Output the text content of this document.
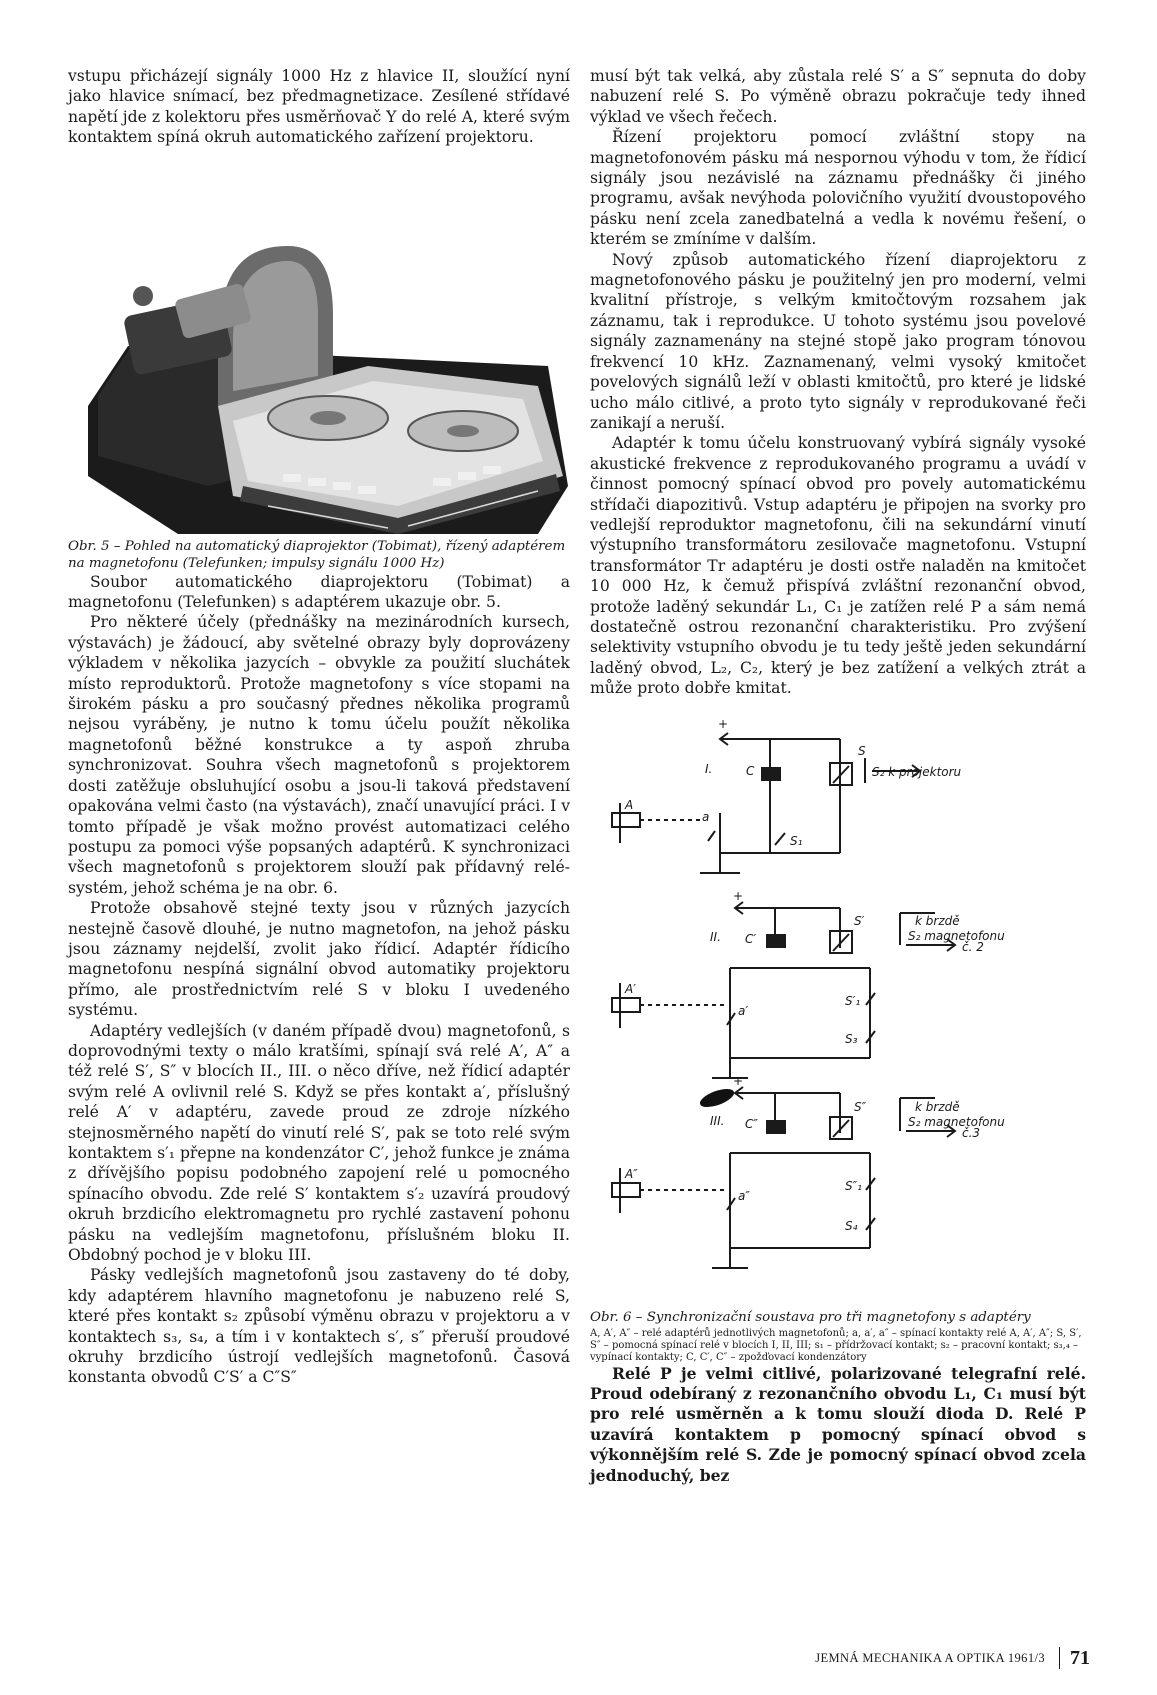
vstupu přicházejí signály 1000 Hz z hlavice II, sloužící nyní jako hlavice snímací, bez předmagnetizace. Zesílené střídavé napětí jde z kolektoru přes usměrňovač Y do relé A, které svým kontaktem spíná okruh automatického zařízení projektoru.

Obr. 5 – Pohled na automatický diaprojektor (Tobimat), řízený adaptérem na magnetofonu (Telefunken; impulsy signálu 1000 Hz)

Soubor automatického diaprojektoru (Tobimat) a magnetofonu (Telefunken) s adaptérem ukazuje obr. 5.

Pro některé účely (přednášky na mezinárodních kursech, výstavách) je žádoucí, aby světelné obrazy byly doprovázeny výkladem v několika jazycích – obvykle za použití sluchátek místo reproduktorů. Protože magnetofony s více stopami na širokém pásku a pro současný přednes několika programů nejsou vyráběny, je nutno k tomu účelu použít několika magnetofonů běžné konstrukce a ty aspoň zhruba synchronizovat. Souhra všech magnetofonů s projektorem dosti zatěžuje obsluhující osobu a jsou-li taková představení opakována velmi často (na výstavách), značí unavující práci. I v tomto případě je však možno provést automatizaci celého postupu za pomoci výše popsaných adaptérů. K synchronizaci všech magnetofonů s projektorem slouží pak přídavný relé-systém, jehož schéma je na obr. 6.

Protože obsahově stejné texty jsou v různých jazycích nestejně časově dlouhé, je nutno magnetofon, na jehož pásku jsou záznamy nejdelší, zvolit jako řídicí. Adaptér řídicího magnetofonu nespíná signální obvod automatiky projektoru přímo, ale prostřednictvím relé S v bloku I uvedeného systému.

Adaptéry vedlejších (v daném případě dvou) magnetofonů, s doprovodnými texty o málo kratšími, spínají svá relé A′, A″ a též relé S′, S″ v blocích II., III. o něco dříve, než řídicí adaptér svým relé A ovlivnil relé S. Když se přes kontakt a′, příslušný relé A′ v adaptéru, zavede proud ze zdroje nízkého stejnosměrného napětí do vinutí relé S′, pak se toto relé svým kontaktem s′₁ přepne na kondenzátor C′, jehož funkce je známa z dřívějšího popisu podobného zapojení relé u pomocného spínacího obvodu. Zde relé S′ kontaktem s′₂ uzavírá proudový okruh brzdicího elektromagnetu pro rychlé zastavení pohonu pásku na vedlejším magnetofonu, příslušném bloku II. Obdobný pochod je v bloku III.

Pásky vedlejších magnetofonů jsou zastaveny do té doby, kdy adaptérem hlavního magnetofonu je nabuzeno relé S, které přes kontakt s₂ způsobí výměnu obrazu v projektoru a v kontaktech s₃, s₄, a tím i v kontaktech s′, s″ přeruší proudové okruhy brzdicího ústrojí vedlejších magnetofonů. Časová konstanta obvodů C′S′ a C″S″

musí být tak velká, aby zůstala relé S′ a S″ sepnuta do doby nabuzení relé S. Po výměně obrazu pokračuje tedy ihned výklad ve všech řečech.

Řízení projektoru pomocí zvláštní stopy na magnetofonovém pásku má nespornou výhodu v tom, že řídicí signály jsou nezávislé na záznamu přednášky či jiného programu, avšak nevýhoda polovičního využití dvoustopového pásku není zcela zanedbatelná a vedla k novému řešení, o kterém se zmíníme v dalším.

Nový způsob automatického řízení diaprojektoru z magnetofonového pásku je použitelný jen pro moderní, velmi kvalitní přístroje, s velkým kmitočtovým rozsahem jak záznamu, tak i reprodukce. U tohoto systému jsou povelové signály zaznamenány na stejné stopě jako program tónovou frekvencí 10 kHz. Zaznamenaný, velmi vysoký kmitočet povelových signálů leží v oblasti kmitočtů, pro které je lidské ucho málo citlivé, a proto tyto signály v reprodukované řeči zanikají a neruší.

Adaptér k tomu účelu konstruovaný vybírá signály vysoké akustické frekvence z reprodukovaného programu a uvádí v činnost pomocný spínací obvod pro povely automatickému střídači diapozitivů. Vstup adaptéru je připojen na svorky pro vedlejší reproduktor magnetofonu, čili na sekundární vinutí výstupního transformátoru zesilovače magnetofonu. Vstupní transformátor Tr adaptéru je dosti ostře naladěn na kmitočet 10 000 Hz, k čemuž přispívá zvláštní rezonanční obvod, protože laděný sekundár L₁, C₁ je zatížen relé P a sám nemá dostatečně ostrou rezonanční charakteristiku. Pro zvýšení selektivity vstupního obvodu je tu tedy ještě jeden sekundární laděný obvod, L₂, C₂, který je bez zatížení a velkých ztrát a může proto dobře kmitat.

+
I.	C
S
A
a
S₁
S₂ k projektoru
+
II. C′
S′
A′
a′
S′₁
S₃
k brzdě
S₂ magnetofonu
č. 2
+
III. C″
S″
A″
a″
S″₁
S₄
k brzdě
S₂ magnetofonu
č.3

Obr. 6 – Synchronizační soustava pro tři magnetofony s adaptéry

A, A′, A″ – relé adaptérů jednotlivých magnetofonů; a, a′, a″ – spínací kontakty relé A, A′, A″; S, S′, S″ – pomocná spínací relé v blocích I, II, III; s₁ – přídržovací kontakt; s₂ – pracovní kontakt; s₃,₄ – vypínací kontakty; C, C′, C″ – zpožďovací kondenzátory

Relé P je velmi citlivé, polarizované telegrafní relé. Proud odebíraný z rezonančního obvodu L₁, C₁ musí být pro relé usměrněn a k tomu slouží dioda D. Relé P uzavírá kontaktem p pomocný spínací obvod s výkonnějším relé S. Zde je pomocný spínací obvod zcela jednoduchý, bez

JEMNÁ MECHANIKA A OPTIKA 1961/3 71
